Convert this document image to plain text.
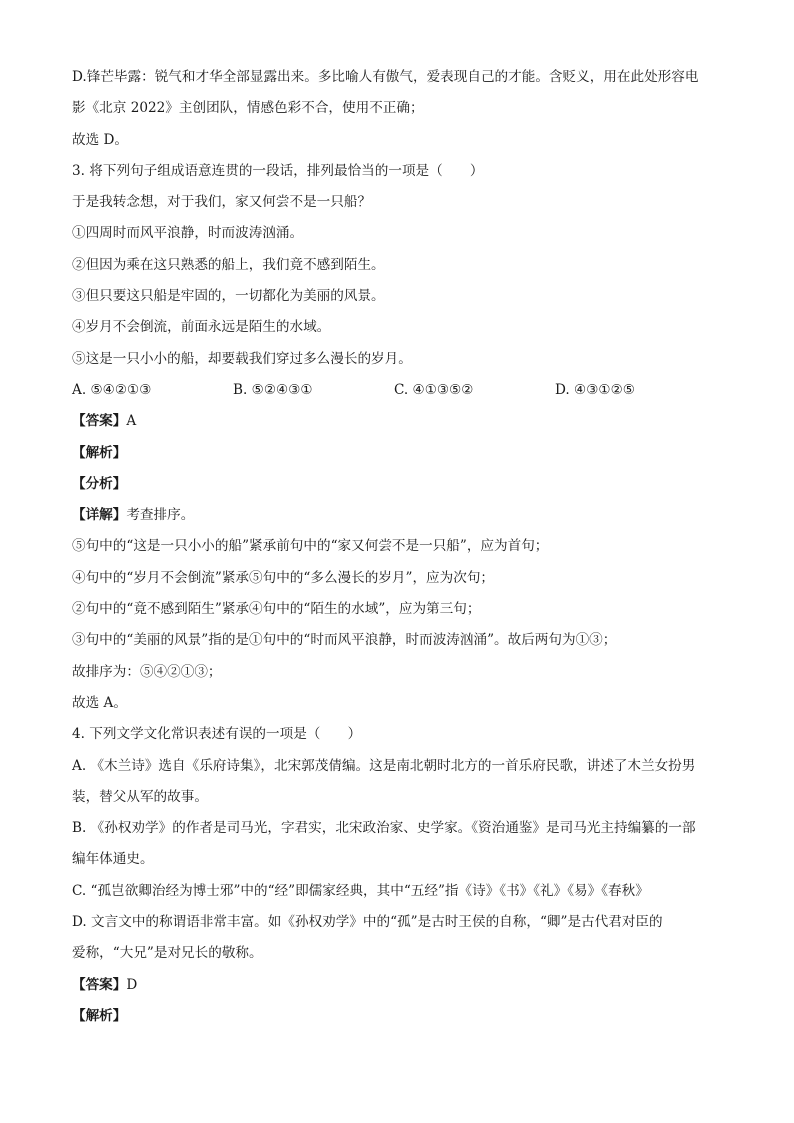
D.锋芒毕露：锐气和才华全部显露出来。多比喻人有傲气，爱表现自己的才能。含贬义，用在此处形容电
影《北京 2022》主创团队，情感色彩不合，使用不正确；
故选 D。
3. 将下列句子组成语意连贯的一段话，排列最恰当的一项是（　　）
于是我转念想，对于我们，家又何尝不是一只船？
①四周时而风平浪静，时而波涛汹涌。
②但因为乘在这只熟悉的船上，我们竟不感到陌生。
③但只要这只船是牢固的，一切都化为美丽的风景。
④岁月不会倒流，前面永远是陌生的水域。
⑤这是一只小小的船，却要载我们穿过多么漫长的岁月。
A. ⑤④②①③	B. ⑤②④③①	C. ④①③⑤②	D. ④③①②⑤
【答案】A
【解析】
【分析】
【详解】考查排序。
⑤句中的“这是一只小小的船”紧承前句中的“家又何尝不是一只船”，应为首句；
④句中的“岁月不会倒流”紧承⑤句中的“多么漫长的岁月”，应为次句；
②句中的“竟不感到陌生”紧承④句中的“陌生的水域”，应为第三句；
③句中的“美丽的风景”指的是①句中的“时而风平浪静，时而波涛汹涌”。故后两句为①③；
故排序为：⑤④②①③；
故选 A。
4. 下列文学文化常识表述有误的一项是（　　）
A. 《木兰诗》选自《乐府诗集》，北宋郭茂倩编。这是南北朝时北方的一首乐府民歌，讲述了木兰女扮男
装，替父从军的故事。
B. 《孙权劝学》的作者是司马光，字君实，北宋政治家、史学家。《资治通鉴》是司马光主持编纂的一部
编年体通史。
C. “孤岂欲卿治经为博士邪”中的“经”即儒家经典，其中“五经”指《诗》《书》《礼》《易》《春秋》
D. 文言文中的称谓语非常丰富。如《孙权劝学》中的“孤”是古时王侯的自称，“卿”是古代君对臣的
爱称，“大兄”是对兄长的敬称。
【答案】D
【解析】
